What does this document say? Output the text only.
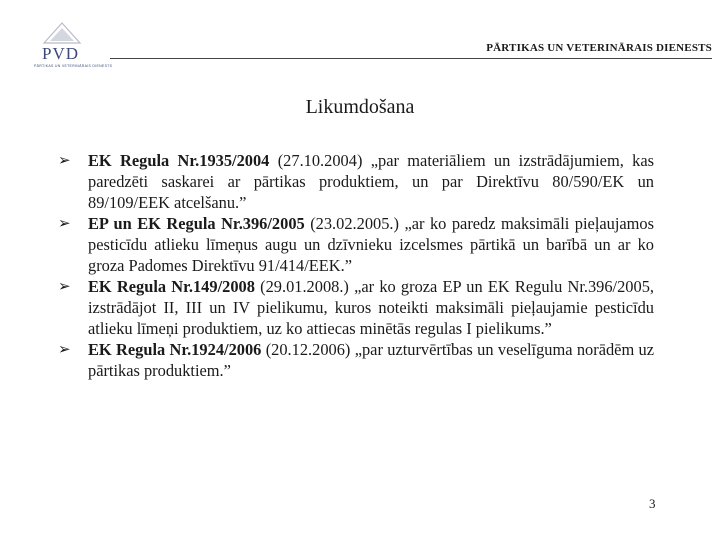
PVD
PĀRTIKAS UN VETERINĀRAIS DIENESTS
PĀRTIKAS UN VETERINĀRAIS DIENESTS
Likumdošana
➢ EK Regula Nr.1935/2004 (27.10.2004) „par materiāliem un izstrādājumiem, kas paredzēti saskarei ar pārtikas produktiem, un par Direktīvu 80/590/EK un 89/109/EEK atcelšanu.”
➢ EP un EK Regula Nr.396/2005 (23.02.2005.) „ar ko paredz maksimāli pieļaujamos pesticīdu atlieku līmeņus augu un dzīvnieku izcelsmes pārtikā un barībā un ar ko groza Padomes Direktīvu 91/414/EEK.”
➢ EK Regula Nr.149/2008 (29.01.2008.) „ar ko groza EP un EK Regulu Nr.396/2005, izstrādājot II, III un IV pielikumu, kuros noteikti maksimāli pieļaujamie pesticīdu atlieku līmeņi produktiem, uz ko attiecas minētās regulas I pielikums.”
➢ EK Regula Nr.1924/2006 (20.12.2006) „par uzturvērtības un veselīguma norādēm uz pārtikas produktiem.”
3
